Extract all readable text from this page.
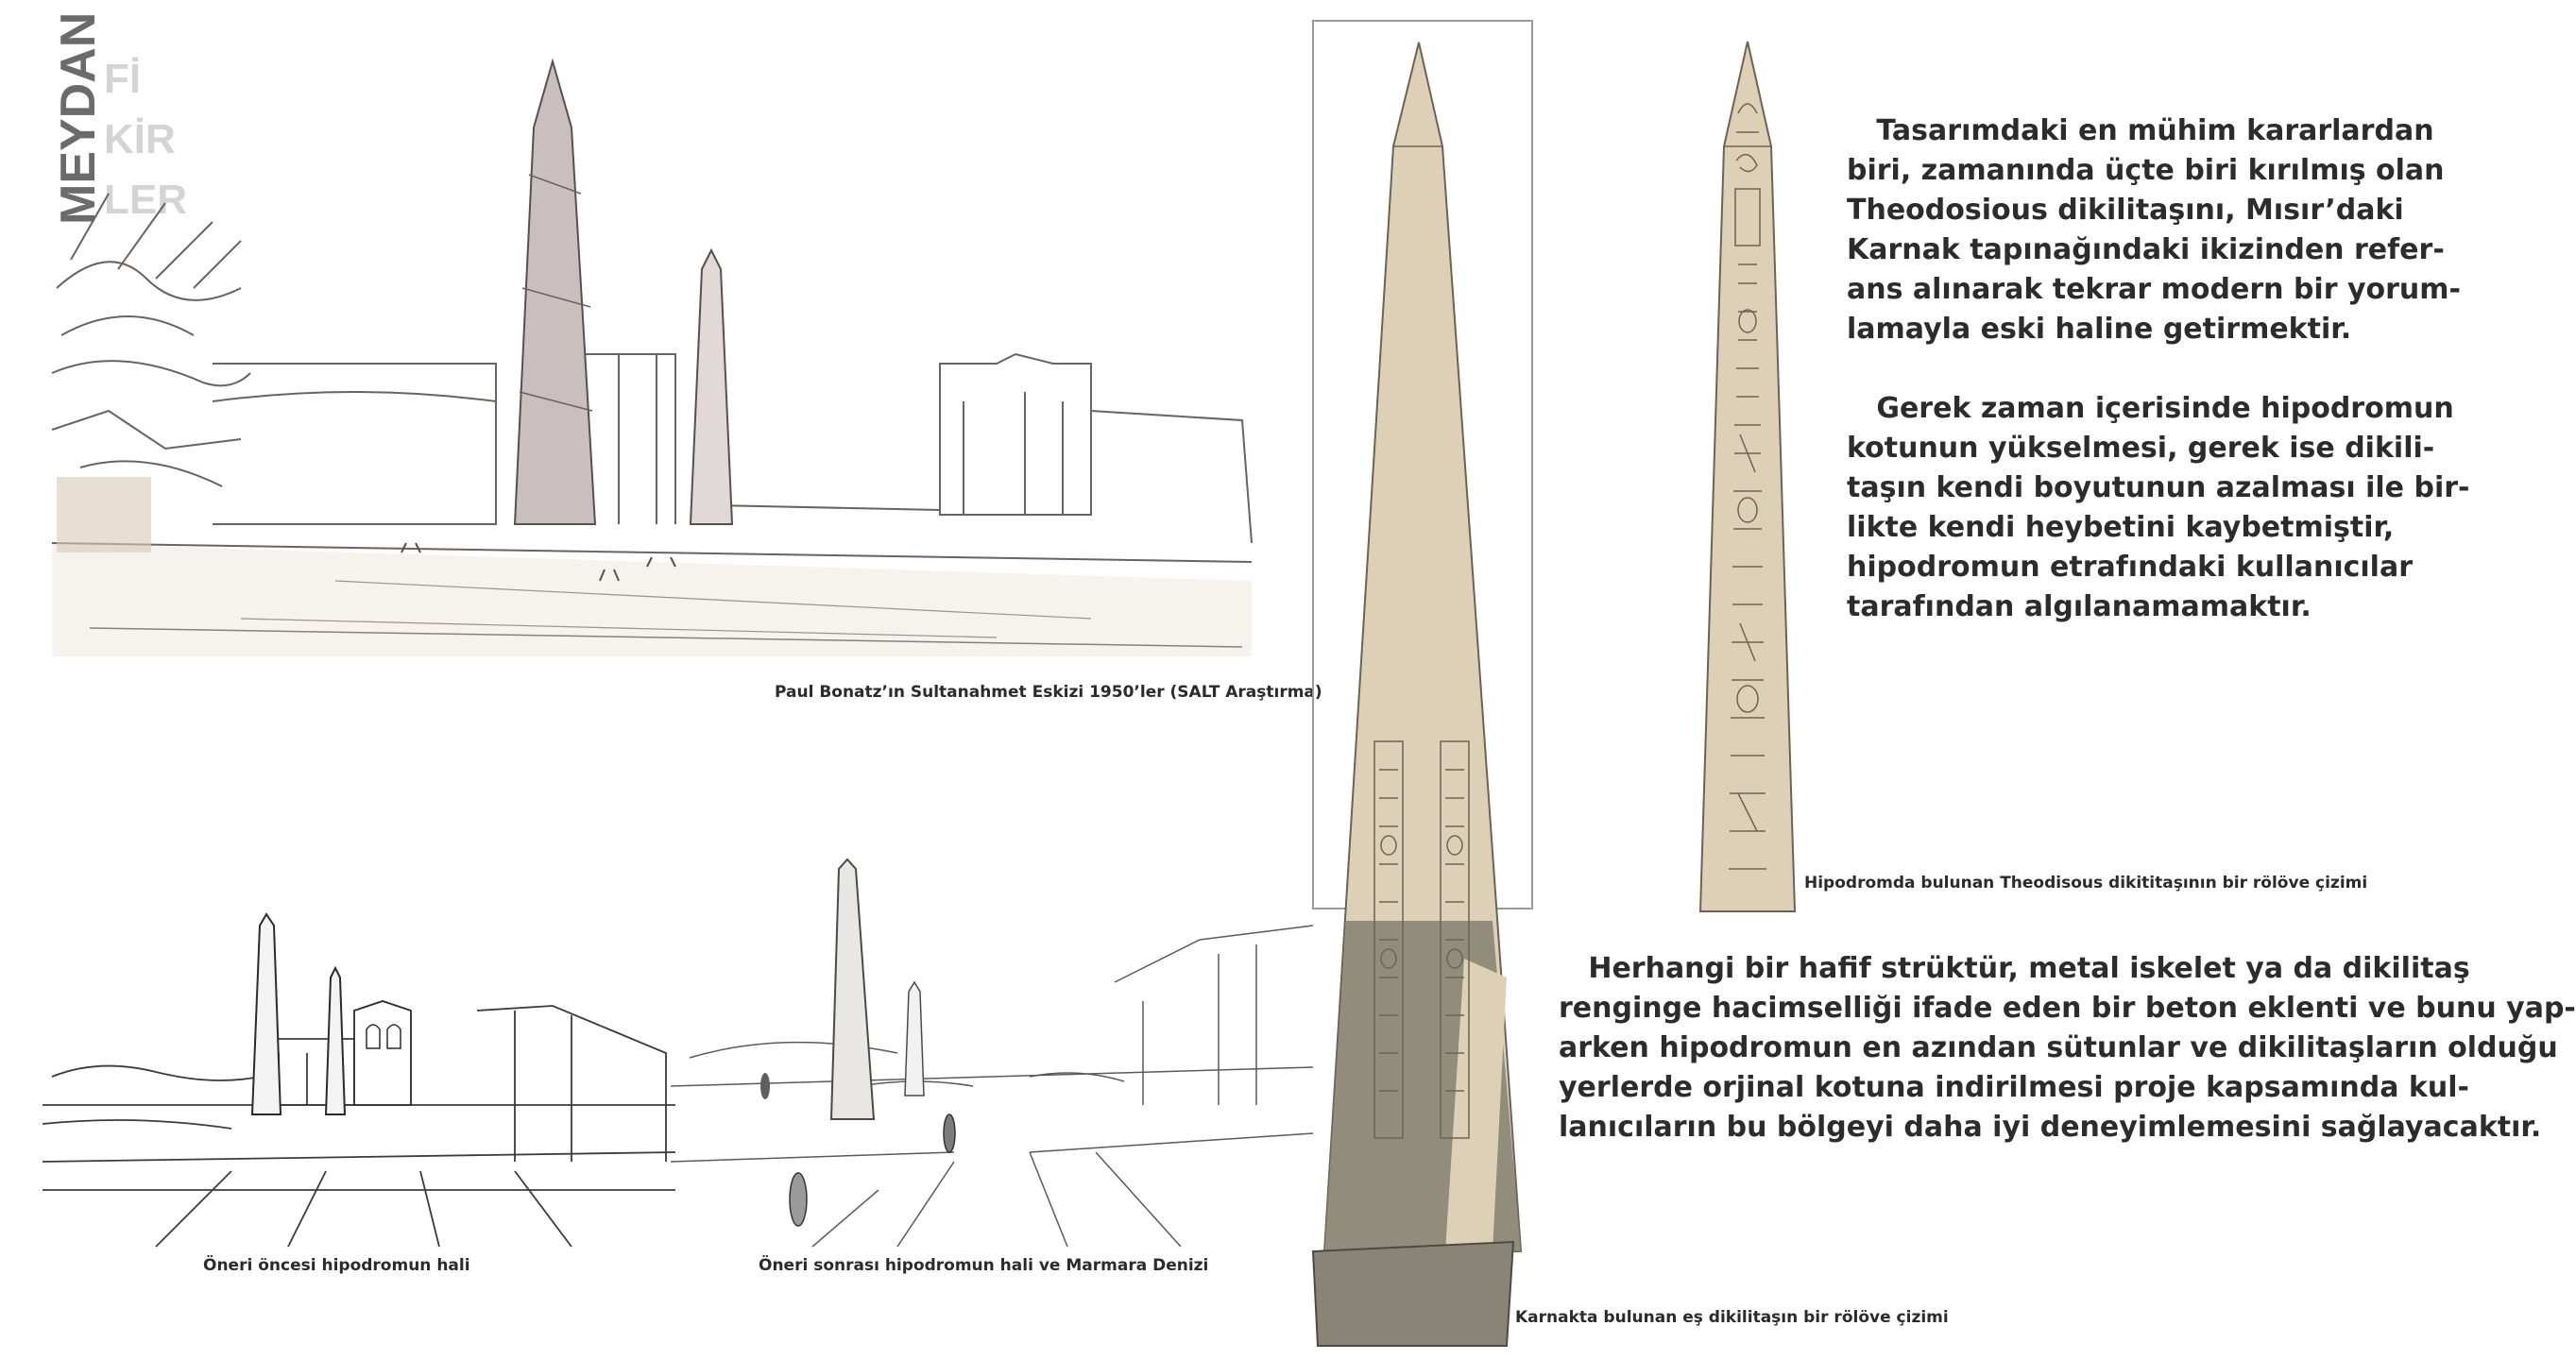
MEYDAN
Fİ
KİR
LER
Paul Bonatz’ın Sultanahmet Eskizi 1950’ler (SALT Araştırma)
Öneri öncesi hipodromun hali	Öneri sonrası hipodromun hali ve Marmara Denizi
Karnakta bulunan eş dikilitaşın bir rölöve çizimi
Hipodromda bulunan Theodisous dikititaşının bir rölöve çizimi

Tasarımdaki en mühim kararlardan
biri, zamanında üçte biri kırılmış olan
Theodosious dikilitaşını, Mısır’daki
Karnak tapınağındaki ikizinden refer-
ans alınarak tekrar modern bir yorum-
lamayla eski haline getirmektir.

Gerek zaman içerisinde hipodromun
kotunun yükselmesi, gerek ise dikili-
taşın kendi boyutunun azalması ile bir-
likte kendi heybetini kaybetmiştir,
hipodromun etrafındaki kullanıcılar
tarafından algılanamamaktır.

Herhangi bir hafif strüktür, metal iskelet ya da dikilitaş
renginge hacimselliği ifade eden bir beton eklenti ve bunu yap-
arken hipodromun en azından sütunlar ve dikilitaşların olduğu
yerlerde orjinal kotuna indirilmesi proje kapsamında kul-
lanıcıların bu bölgeyi daha iyi deneyimlemesini sağlayacaktır.
